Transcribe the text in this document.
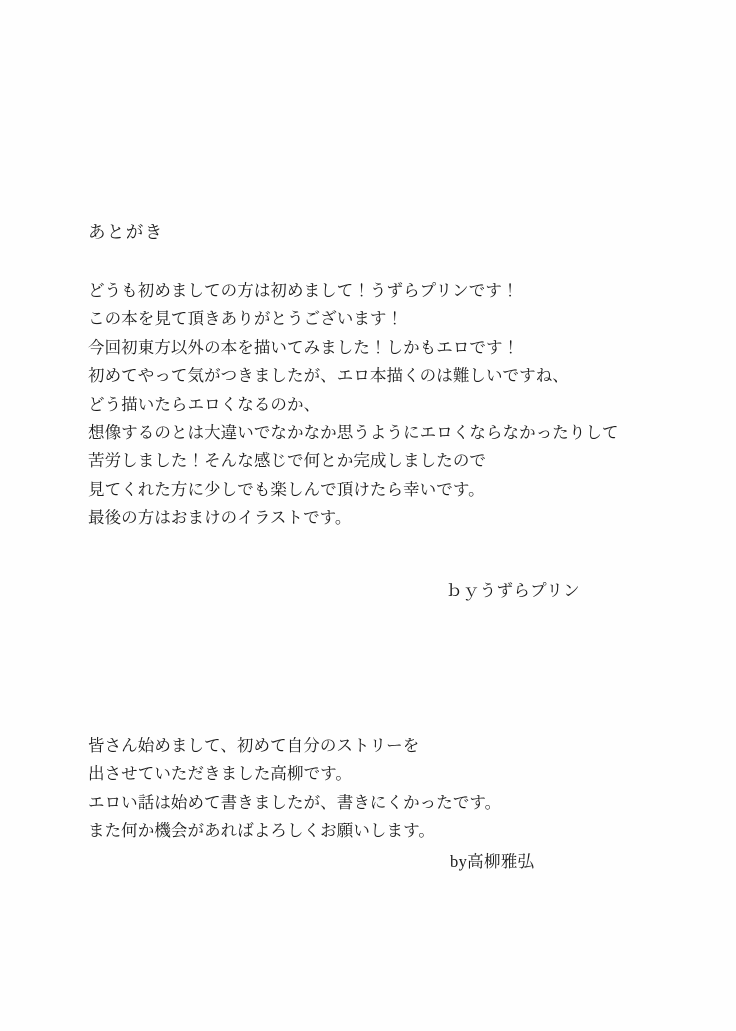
あとがき
どうも初めましての方は初めまして！うずらプリンです！
この本を見て頂きありがとうございます！
今回初東方以外の本を描いてみました！しかもエロです！
初めてやって気がつきましたが、エロ本描くのは難しいですね、
どう描いたらエロくなるのか、
想像するのとは大違いでなかなか思うようにエロくならなかったりして
苦労しました！そんな感じで何とか完成しましたので
見てくれた方に少しでも楽しんで頂けたら幸いです。
最後の方はおまけのイラストです。
ｂｙうずらプリン
皆さん始めまして、初めて自分のストリーを
出させていただきました高柳です。
エロい話は始めて書きましたが、書きにくかったです。
また何か機会があればよろしくお願いします。
by高柳雅弘
